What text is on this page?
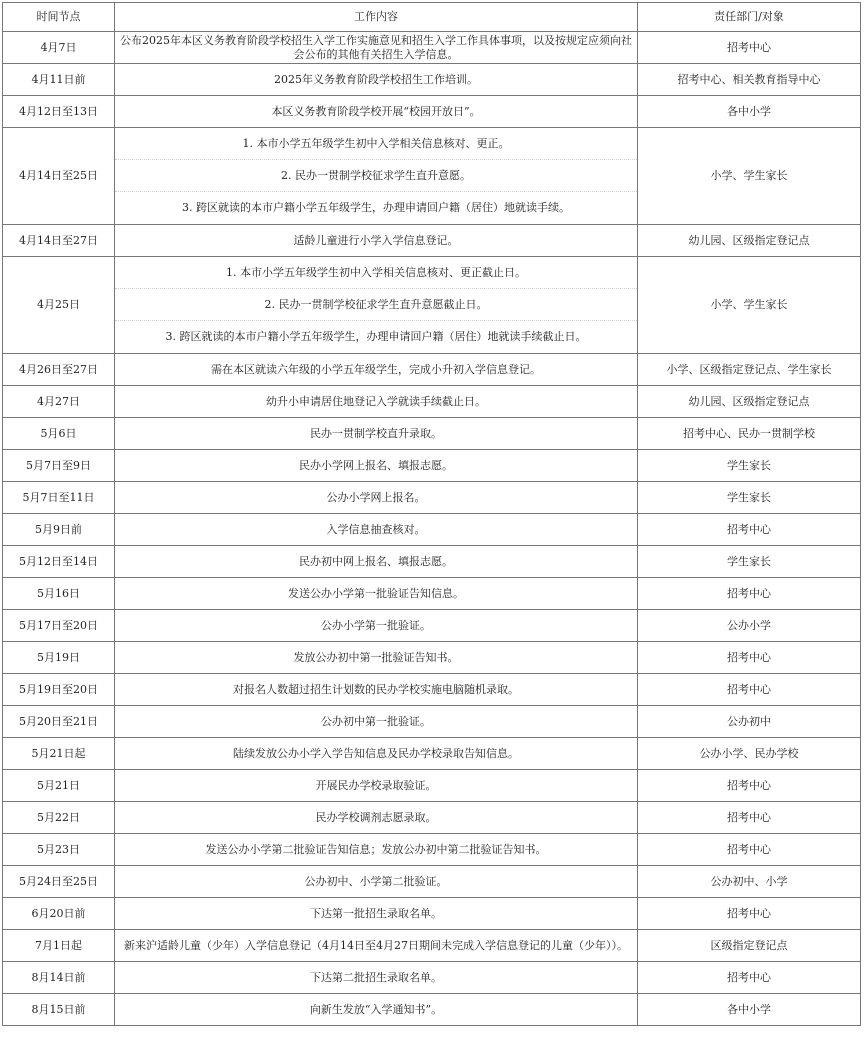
时间节点	工作内容	责任部门/对象
4月7日	公布2025年本区义务教育阶段学校招生入学工作实施意见和招生入学工作具体事项，以及按规定应须向社会公布的其他有关招生入学信息。	招考中心
4月11日前	2025年义务教育阶段学校招生工作培训。	招考中心、相关教育指导中心
4月12日至13日	本区义务教育阶段学校开展“校园开放日”。	各中小学
4月14日至25日	1. 本市小学五年级学生初中入学相关信息核对、更正。
2. 民办一贯制学校征求学生直升意愿。
3. 跨区就读的本市户籍小学五年级学生，办理申请回户籍（居住）地就读手续。	小学、学生家长
4月14日至27日	适龄儿童进行小学入学信息登记。	幼儿园、区级指定登记点
4月25日	1. 本市小学五年级学生初中入学相关信息核对、更正截止日。
2. 民办一贯制学校征求学生直升意愿截止日。
3. 跨区就读的本市户籍小学五年级学生，办理申请回户籍（居住）地就读手续截止日。	小学、学生家长
4月26日至27日	需在本区就读六年级的小学五年级学生，完成小升初入学信息登记。	小学、区级指定登记点、学生家长
4月27日	幼升小申请居住地登记入学就读手续截止日。	幼儿园、区级指定登记点
5月6日	民办一贯制学校直升录取。	招考中心、民办一贯制学校
5月7日至9日	民办小学网上报名、填报志愿。	学生家长
5月7日至11日	公办小学网上报名。	学生家长
5月9日前	入学信息抽查核对。	招考中心
5月12日至14日	民办初中网上报名、填报志愿。	学生家长
5月16日	发送公办小学第一批验证告知信息。	招考中心
5月17日至20日	公办小学第一批验证。	公办小学
5月19日	发放公办初中第一批验证告知书。	招考中心
5月19日至20日	对报名人数超过招生计划数的民办学校实施电脑随机录取。	招考中心
5月20日至21日	公办初中第一批验证。	公办初中
5月21日起	陆续发放公办小学入学告知信息及民办学校录取告知信息。	公办小学、民办学校
5月21日	开展民办学校录取验证。	招考中心
5月22日	民办学校调剂志愿录取。	招考中心
5月23日	发送公办小学第二批验证告知信息；发放公办初中第二批验证告知书。	招考中心
5月24日至25日	公办初中、小学第二批验证。	公办初中、小学
6月20日前	下达第一批招生录取名单。	招考中心
7月1日起	新来沪适龄儿童（少年）入学信息登记（4月14日至4月27日期间未完成入学信息登记的儿童（少年））。	区级指定登记点
8月14日前	下达第二批招生录取名单。	招考中心
8月15日前	向新生发放“入学通知书”。	各中小学
